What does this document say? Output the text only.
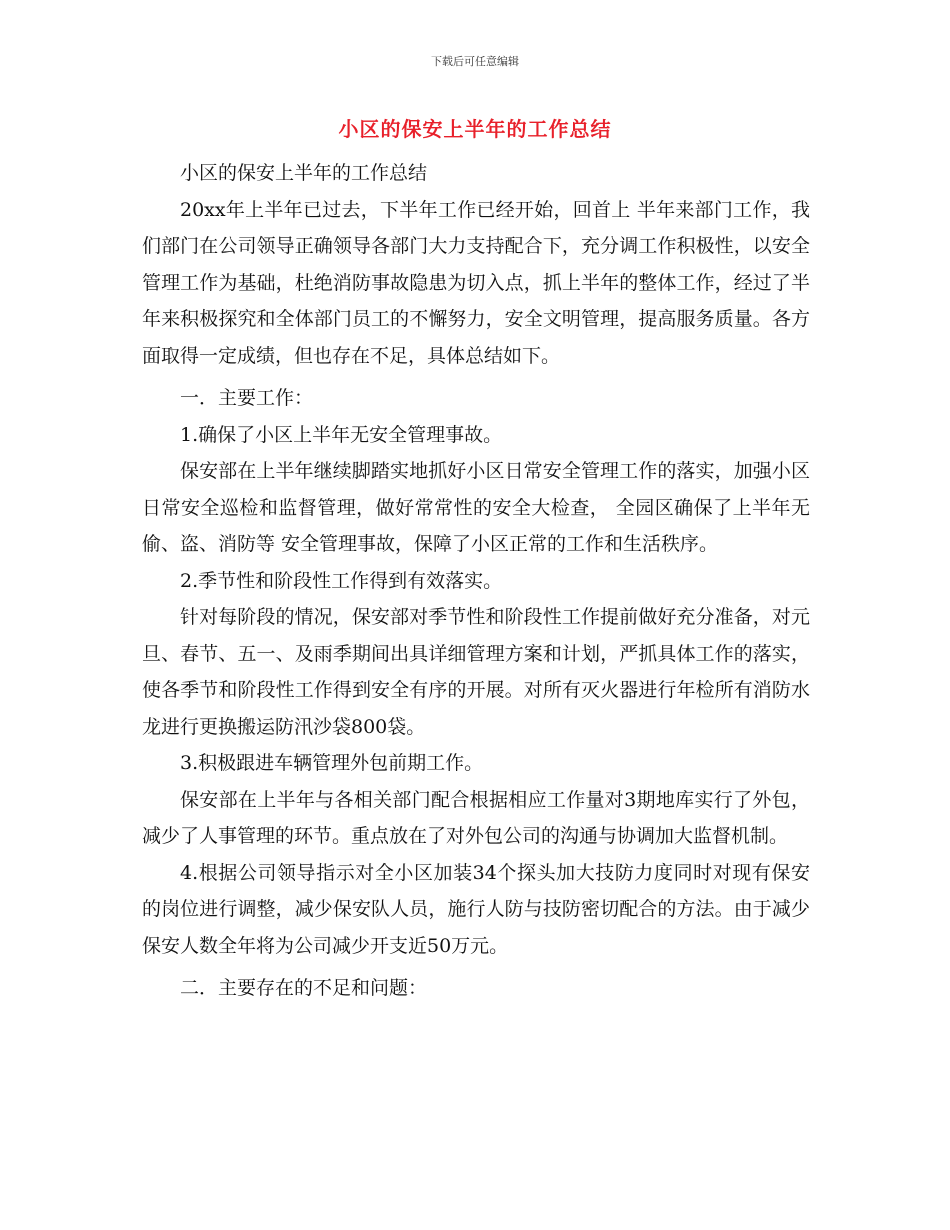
下载后可任意编辑
小区的保安上半年的工作总结

小区的保安上半年的工作总结

20xx年上半年已过去，下半年工作已经开始，回首上 半年来部门工作，我们部门在公司领导正确领导各部门大力支持配合下，充分调工作积极性，以安全管理工作为基础，杜绝消防事故隐患为切入点，抓上半年的整体工作，经过了半年来积极探究和全体部门员工的不懈努力，安全文明管理，提高服务质量。各方面取得一定成绩，但也存在不足，具体总结如下。

一．主要工作：

1.确保了小区上半年无安全管理事故。

保安部在上半年继续脚踏实地抓好小区日常安全管理工作的落实，加强小区日常安全巡检和监督管理，做好常常性的安全大检查， 全园区确保了上半年无偷、盗、消防等 安全管理事故，保障了小区正常的工作和生活秩序。

2.季节性和阶段性工作得到有效落实。

针对每阶段的情况，保安部对季节性和阶段性工作提前做好充分准备，对元旦、春节、五一、及雨季期间出具详细管理方案和计划，严抓具体工作的落实，使各季节和阶段性工作得到安全有序的开展。对所有灭火器进行年检所有消防水龙进行更换搬运防汛沙袋800袋。

3.积极跟进车辆管理外包前期工作。

保安部在上半年与各相关部门配合根据相应工作量对3期地库实行了外包，减少了人事管理的环节。重点放在了对外包公司的沟通与协调加大监督机制。

4.根据公司领导指示对全小区加装34个探头加大技防力度同时对现有保安的岗位进行调整，减少保安队人员，施行人防与技防密切配合的方法。由于减少保安人数全年将为公司减少开支近50万元。

二．主要存在的不足和问题：
